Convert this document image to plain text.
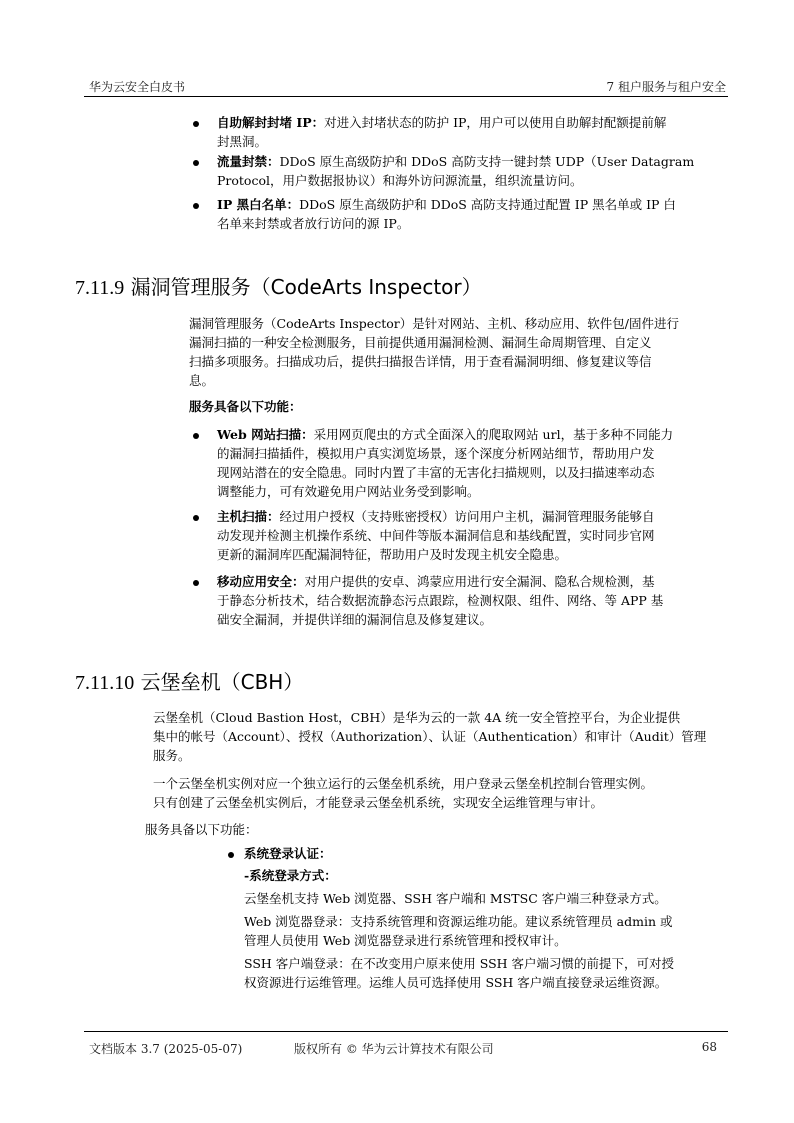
华为云安全白皮书	7 租户服务与租户安全
自助解封封堵 IP：对进入封堵状态的防护 IP，用户可以使用自助解封配额提前解
封黑洞。
流量封禁：DDoS 原生高级防护和 DDoS 高防支持一键封禁 UDP（User Datagram
Protocol，用户数据报协议）和海外访问源流量，组织流量访问。
IP 黑白名单：DDoS 原生高级防护和 DDoS 高防支持通过配置 IP 黑名单或 IP 白
名单来封禁或者放行访问的源 IP。
7.11.9 漏洞管理服务（CodeArts Inspector）
漏洞管理服务（CodeArts Inspector）是针对网站、主机、移动应用、软件包/固件进行
漏洞扫描的一种安全检测服务，目前提供通用漏洞检测、漏洞生命周期管理、自定义
扫描多项服务。扫描成功后，提供扫描报告详情，用于查看漏洞明细、修复建议等信
息。
服务具备以下功能：
Web 网站扫描：采用网页爬虫的方式全面深入的爬取网站 url，基于多种不同能力
的漏洞扫描插件，模拟用户真实浏览场景，逐个深度分析网站细节，帮助用户发
现网站潜在的安全隐患。同时内置了丰富的无害化扫描规则，以及扫描速率动态
调整能力，可有效避免用户网站业务受到影响。
主机扫描：经过用户授权（支持账密授权）访问用户主机，漏洞管理服务能够自
动发现并检测主机操作系统、中间件等版本漏洞信息和基线配置，实时同步官网
更新的漏洞库匹配漏洞特征，帮助用户及时发现主机安全隐患。
移动应用安全：对用户提供的安卓、鸿蒙应用进行安全漏洞、隐私合规检测，基
于静态分析技术，结合数据流静态污点跟踪，检测权限、组件、网络、等 APP 基
础安全漏洞，并提供详细的漏洞信息及修复建议。
7.11.10 云堡垒机（CBH）
云堡垒机（Cloud Bastion Host，CBH）是华为云的一款 4A 统一安全管控平台，为企业提供
集中的帐号（Account）、授权（Authorization）、认证（Authentication）和审计（Audit）管理
服务。
一个云堡垒机实例对应一个独立运行的云堡垒机系统，用户登录云堡垒机控制台管理实例。
只有创建了云堡垒机实例后，才能登录云堡垒机系统，实现安全运维管理与审计。
服务具备以下功能：
系统登录认证：
-系统登录方式：
云堡垒机支持 Web 浏览器、SSH 客户端和 MSTSC 客户端三种登录方式。
Web 浏览器登录：支持系统管理和资源运维功能。建议系统管理员 admin 或
管理人员使用 Web 浏览器登录进行系统管理和授权审计。
SSH 客户端登录：在不改变用户原来使用 SSH 客户端习惯的前提下，可对授
权资源进行运维管理。运维人员可选择使用 SSH 客户端直接登录运维资源。
文档版本 3.7 (2025-05-07)	版权所有 © 华为云计算技术有限公司	68
